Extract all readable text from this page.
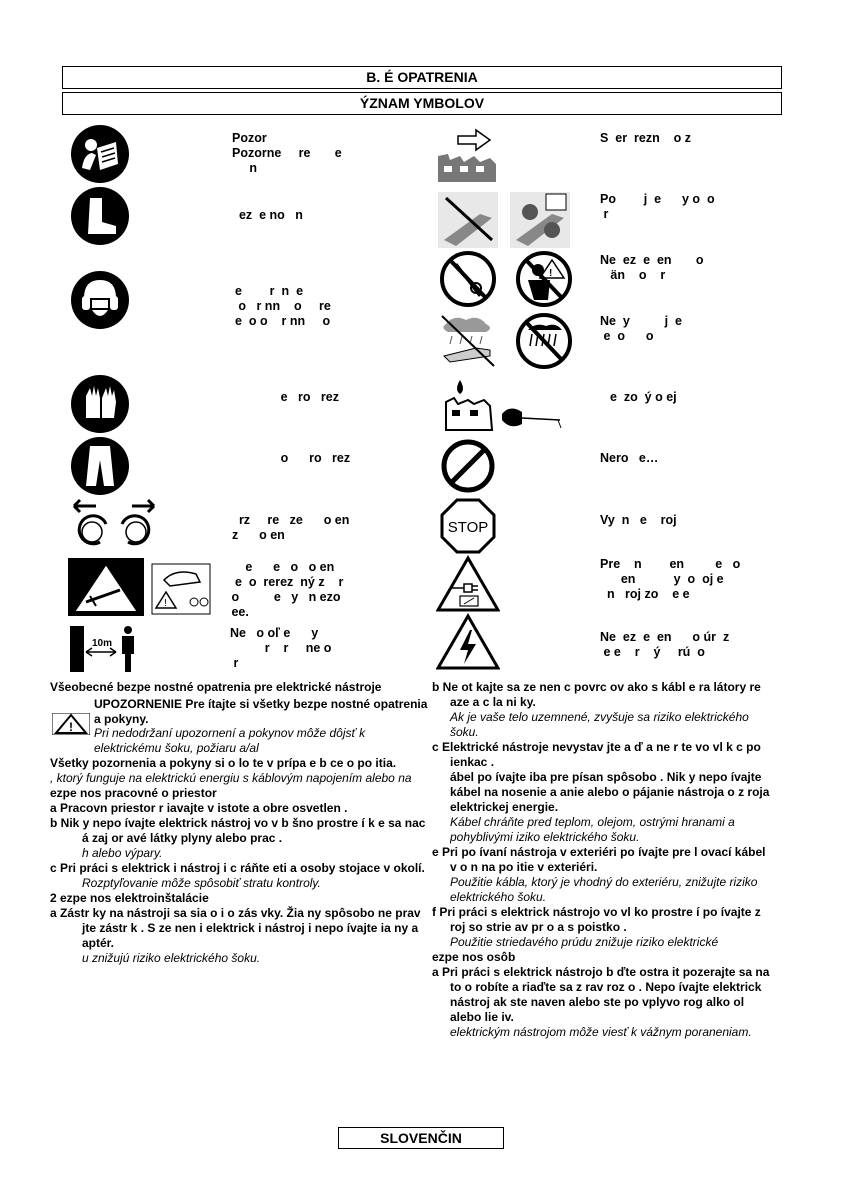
B. É OPATRENIA
ÝZNAM YMBOLOV
Pozor
Pozorne     re       e
n
ez  e no   n
e        r  n  e
o   r nn    o     re
e  o o    r nn     o
e   ro   rez
o      ro   rez
rz     re   ze      o en
z      o en
!
e      e   o   o en
e  o  rerez  ný z    r
o          e   y   n ezo
ee.
10m
Ne   o oľ e      y
r    r     ne o
r
S  er  rezn    o z
Po        j  e      y o  o
r
!
Ne  ez  e  en       o
än    o    r
Ne  y          j  e
e  o      o
e  zo  ý o ej
Nero   e…
STOP	Vy  n   e    roj
Pre    n        en         e   o
en           y  o  oj e
n   roj zo    e e
Ne  ez  e  en      o úr  z
e e    r    ý     rú  o

Všeobecné bezpe nostné opatrenia pre elektrické nástroje

!

UPOZORNENIE Pre ítajte si všetky bezpe nostné opatrenia a pokyny.

Pri nedodržaní upozornení a pokynov môže dôjsť k elektrickému šoku, požiaru a/al

Všetky pozornenia a pokyny si o lo te v prípa e b ce o po itia.

, ktorý funguje na elektrickú energiu s káblovým napojením alebo na

ezpe nos pracovné o priestor

a Pracovn priestor r iavajte v istote a obre osvetlen .

b Nik y nepo ívajte elektrick nástroj vo v b šno prostre í k e sa nac á zaj or avé látky plyny alebo prac .

h alebo výpary.

c Pri práci s elektrick i nástroj i c ráňte eti a osoby stojace v okolí.

Rozptyľovanie môže spôsobiť stratu kontroly.

2 ezpe nos elektroinštalácie

a Zástr ky na nástroji sa sia o i o zás vky. Žia ny spôsobo ne prav jte zástr k . S ze nen i elektrick i nástroj i nepo ívajte ia ny a aptér.

u znižujú riziko elektrického šoku.

b Ne ot kajte sa ze nen c povrc ov ako s kábl e ra látory re aze a c la ni ky.

Ak je vaše telo uzemnené, zvyšuje sa riziko elektrického šoku.

c Elektrické nástroje nevystav jte a ď a ne r te vo vl k c po ienkac .

ábel po ívajte iba pre písan spôsobo . Nik y nepo ívajte kábel na nosenie a anie alebo o pájanie nástroja o z roja elektrickej energie.

Kábel chráňte pred teplom, olejom, ostrými hranami a pohyblivými iziko elektrického šoku.

e Pri po ívaní nástroja v exteriéri po ívajte pre l ovací kábel v o n na po itie v exteriéri.

Použitie kábla, ktorý je vhodný do exteriéru, znižujte riziko elektrického šoku.

f Pri práci s elektrick nástrojo vo vl ko prostre í po ívajte z roj so strie av pr o a s poistko .

Použitie striedavého prúdu znižuje riziko elektrické

ezpe nos osôb

a Pri práci s elektrick nástrojo b ďte ostra it pozerajte sa na to o robíte a riaďte sa z rav roz o . Nepo ívajte elektrick nástroj ak ste naven alebo ste po vplyvo rog alko ol alebo lie iv.

elektrickým nástrojom môže viesť k vážnym poraneniam.

SLOVENČIN
